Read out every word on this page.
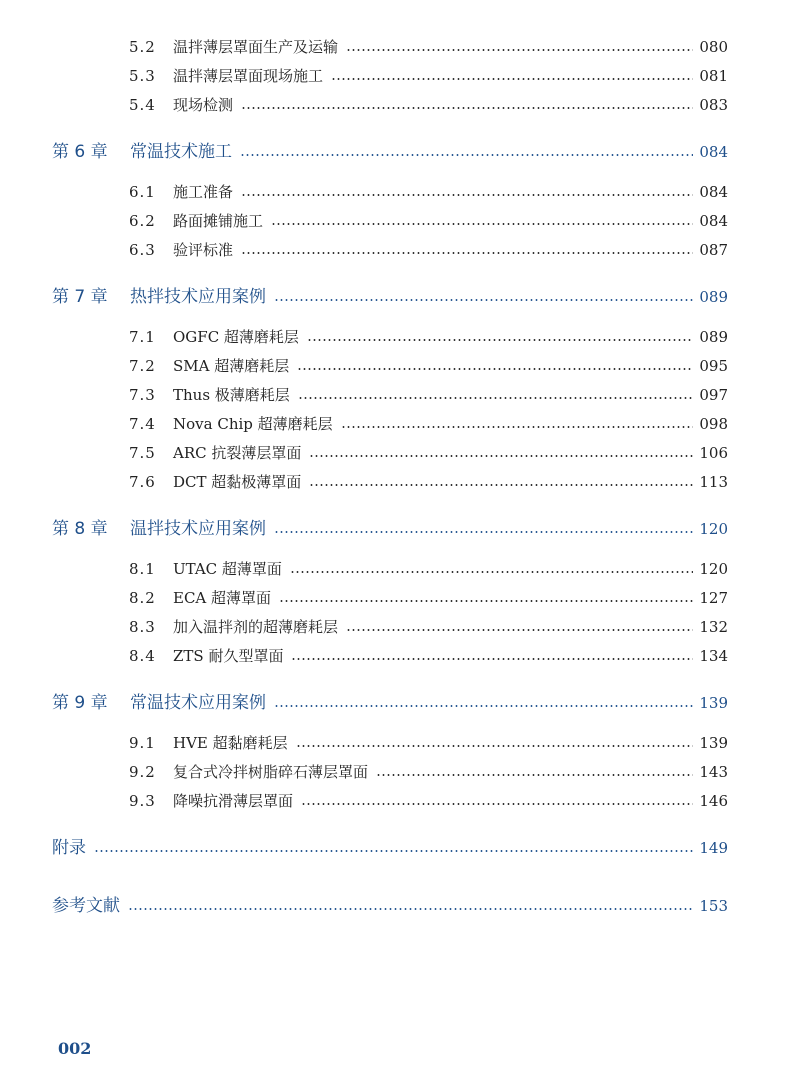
5.2	温拌薄层罩面生产及运输	080
5.3	温拌薄层罩面现场施工	081
5.4	现场检测	083
第 6 章	常温技术施工	084
6.1	施工准备	084
6.2	路面摊铺施工	084
6.3	验评标准	087
第 7 章	热拌技术应用案例	089
7.1	OGFC 超薄磨耗层	089
7.2	SMA 超薄磨耗层	095
7.3	Thus 极薄磨耗层	097
7.4	Nova Chip 超薄磨耗层	098
7.5	ARC 抗裂薄层罩面	106
7.6	DCT 超黏极薄罩面	113
第 8 章	温拌技术应用案例	120
8.1	UTAC 超薄罩面	120
8.2	ECA 超薄罩面	127
8.3	加入温拌剂的超薄磨耗层	132
8.4	ZTS 耐久型罩面	134
第 9 章	常温技术应用案例	139
9.1	HVE 超黏磨耗层	139
9.2	复合式冷拌树脂碎石薄层罩面	143
9.3	降噪抗滑薄层罩面	146
附录	149
参考文献	153
002
